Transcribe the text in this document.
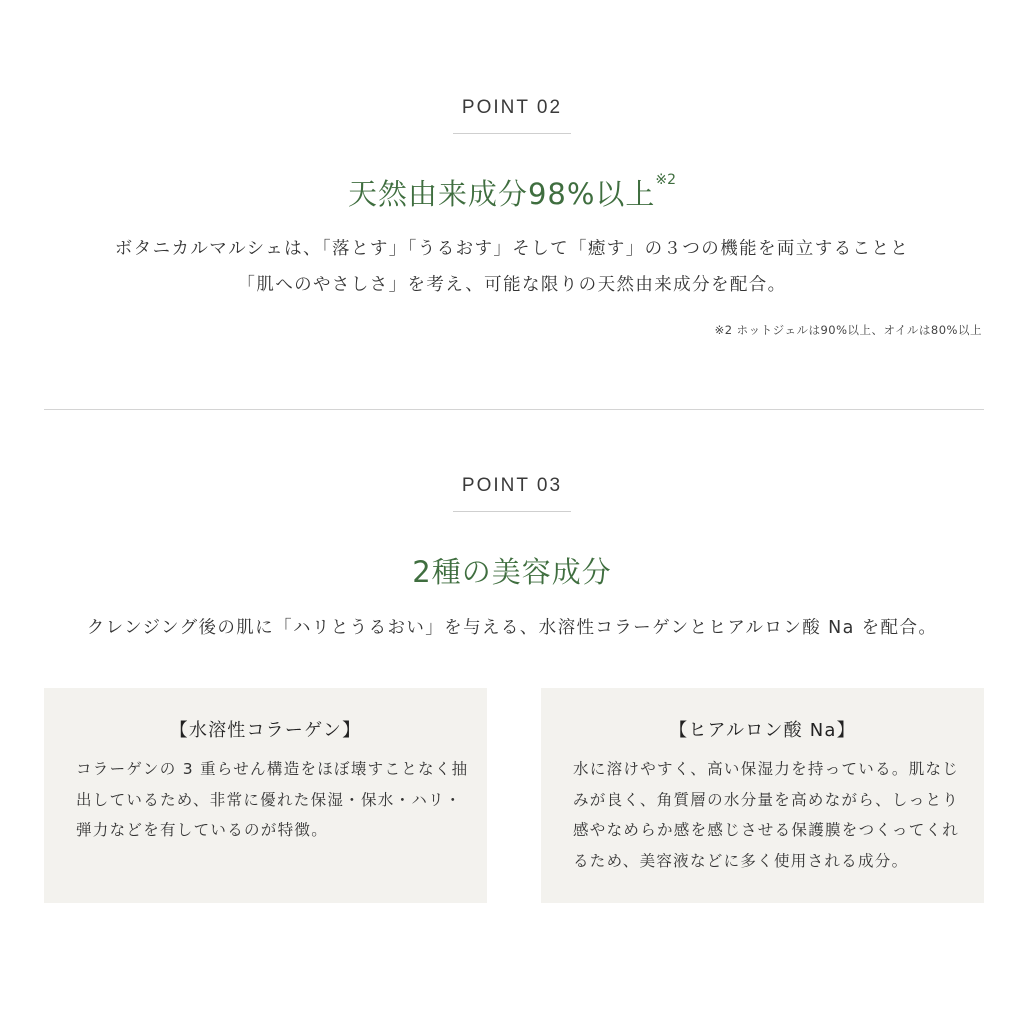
POINT 02
天然由来成分98%以上$^{※2}$
ボタニカルマルシェは、「落とす」「うるおす」そして「癒す」の３つの機能を両立することと
「肌へのやさしさ」を考え、可能な限りの天然由来成分を配合。
※2 ホットジェルは90%以上、オイルは80%以上
POINT 03
2種の美容成分
クレンジング後の肌に「ハリとうるおい」を与える、水溶性コラーゲンとヒアルロン酸 Na を配合。
【水溶性コラーゲン】
コラーゲンの 3 重らせん構造をほぼ壊すことなく抽
出しているため、非常に優れた保湿・保水・ハリ・
弾力などを有しているのが特徴。
【ヒアルロン酸 Na】
水に溶けやすく、高い保湿力を持っている。肌なじ
みが良く、角質層の水分量を高めながら、しっとり
感やなめらか感を感じさせる保護膜をつくってくれ
るため、美容液などに多く使用される成分。
